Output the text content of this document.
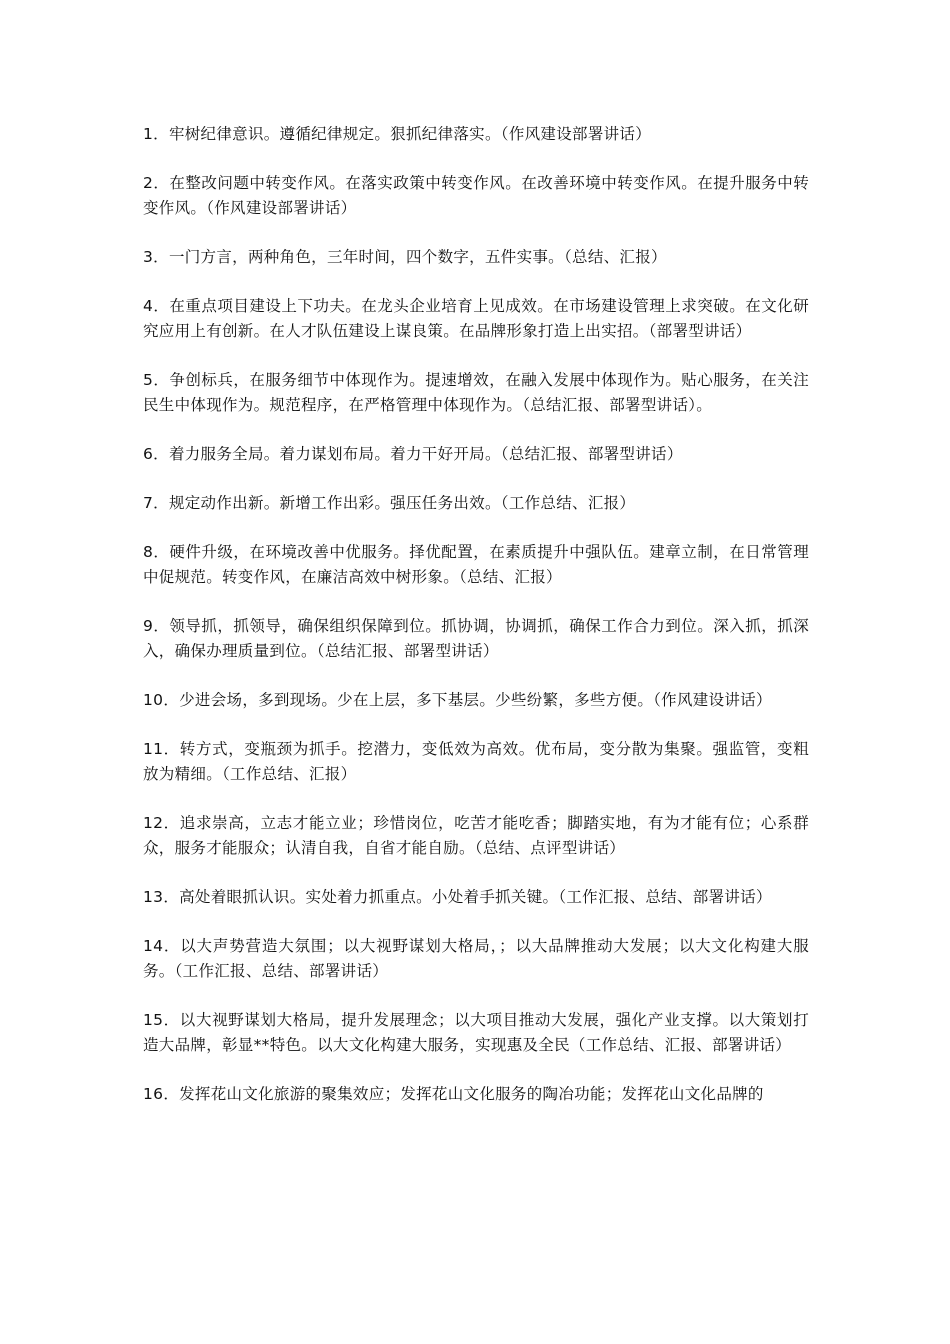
1．牢树纪律意识。遵循纪律规定。狠抓纪律落实。（作风建设部署讲话）

2．在整改问题中转变作风。在落实政策中转变作风。在改善环境中转变作风。在提升服务中转变作风。（作风建设部署讲话）

3．一门方言，两种角色，三年时间，四个数字，五件实事。（总结、汇报）

4．在重点项目建设上下功夫。在龙头企业培育上见成效。在市场建设管理上求突破。在文化研究应用上有创新。在人才队伍建设上谋良策。在品牌形象打造上出实招。（部署型讲话）

5．争创标兵，在服务细节中体现作为。提速增效，在融入发展中体现作为。贴心服务，在关注民生中体现作为。规范程序，在严格管理中体现作为。（总结汇报、部署型讲话）。

6．着力服务全局。着力谋划布局。着力干好开局。（总结汇报、部署型讲话）

7．规定动作出新。新增工作出彩。强压任务出效。（工作总结、汇报）

8．硬件升级，在环境改善中优服务。择优配置，在素质提升中强队伍。建章立制，在日常管理中促规范。转变作风，在廉洁高效中树形象。（总结、汇报）

9．领导抓，抓领导，确保组织保障到位。抓协调，协调抓，确保工作合力到位。深入抓，抓深入，确保办理质量到位。（总结汇报、部署型讲话）

10．少进会场，多到现场。少在上层，多下基层。少些纷繁，多些方便。（作风建设讲话）

11．转方式，变瓶颈为抓手。挖潜力，变低效为高效。优布局，变分散为集聚。强监管，变粗放为精细。（工作总结、汇报）

12．追求崇高，立志才能立业；珍惜岗位，吃苦才能吃香；脚踏实地，有为才能有位；心系群众，服务才能服众；认清自我，自省才能自励。（总结、点评型讲话）

13．高处着眼抓认识。实处着力抓重点。小处着手抓关键。（工作汇报、总结、部署讲话）

14．以大声势营造大氛围；以大视野谋划大格局，；以大品牌推动大发展；以大文化构建大服务。（工作汇报、总结、部署讲话）

15．以大视野谋划大格局，提升发展理念；以大项目推动大发展，强化产业支撑。以大策划打造大品牌，彰显**特色。以大文化构建大服务，实现惠及全民（工作总结、汇报、部署讲话）

16．发挥花山文化旅游的聚集效应；发挥花山文化服务的陶冶功能；发挥花山文化品牌的
